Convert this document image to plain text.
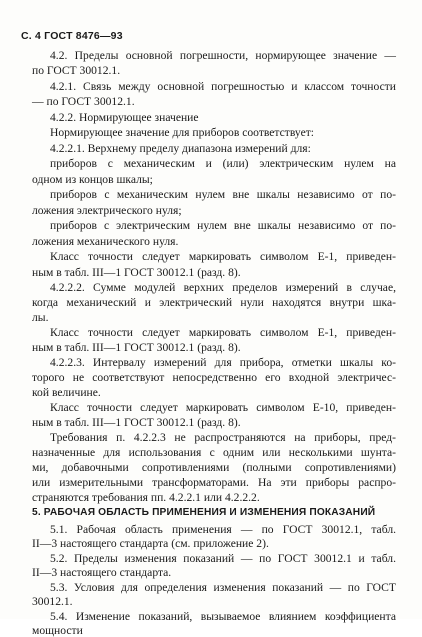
С. 4 ГОСТ 8476—93
4.2. Пределы основной погрешности, нормирующее значение —
по ГОСТ 30012.1.
4.2.1. Связь между основной погрешностью и классом точности
— по ГОСТ 30012.1.
4.2.2. Нормирующее значение
Нормирующее значение для приборов соответствует:
4.2.2.1. Верхнему пределу диапазона измерений для:
приборов с механическим и (или) электрическим нулем на
одном из концов шкалы;
приборов с механическим нулем вне шкалы независимо от по-
ложения электрического нуля;
приборов с электрическим нулем вне шкалы независимо от по-
ложения механического нуля.
Класс точности следует маркировать символом Е-1, приведен-
ным в табл. III—1 ГОСТ 30012.1 (разд. 8).
4.2.2.2. Сумме модулей верхних пределов измерений в случае,
когда механический и электрический нули находятся внутри шка-
лы.
Класс точности следует маркировать символом Е-1, приведен-
ным в табл. III—1 ГОСТ 30012.1 (разд. 8).
4.2.2.3. Интервалу измерений для прибора, отметки шкалы ко-
торого не соответствуют непосредственно его входной электричес-
кой величине.
Класс точности следует маркировать символом Е-10, приведен-
ным в табл. III—1 ГОСТ 30012.1 (разд. 8).
Требования п. 4.2.2.3 не распространяются на приборы, пред-
назначенные для использования с одним или несколькими шунта-
ми, добавочными сопротивлениями (полными сопротивлениями)
или измерительными трансформаторами. На эти приборы распро-
страняются требования пп. 4.2.2.1 или 4.2.2.2.
5. РАБОЧАЯ ОБЛАСТЬ ПРИМЕНЕНИЯ И ИЗМЕНЕНИЯ ПОКАЗАНИЙ
5.1. Рабочая область применения — по ГОСТ 30012.1, табл.
II—3 настоящего стандарта (см. приложение 2).
5.2. Пределы изменения показаний — по ГОСТ 30012.1 и табл.
II—3 настоящего стандарта.
5.3. Условия для определения изменения показаний — по ГОСТ
30012.1.
5.4. Изменение показаний, вызываемое влиянием коэффициента
мощности
